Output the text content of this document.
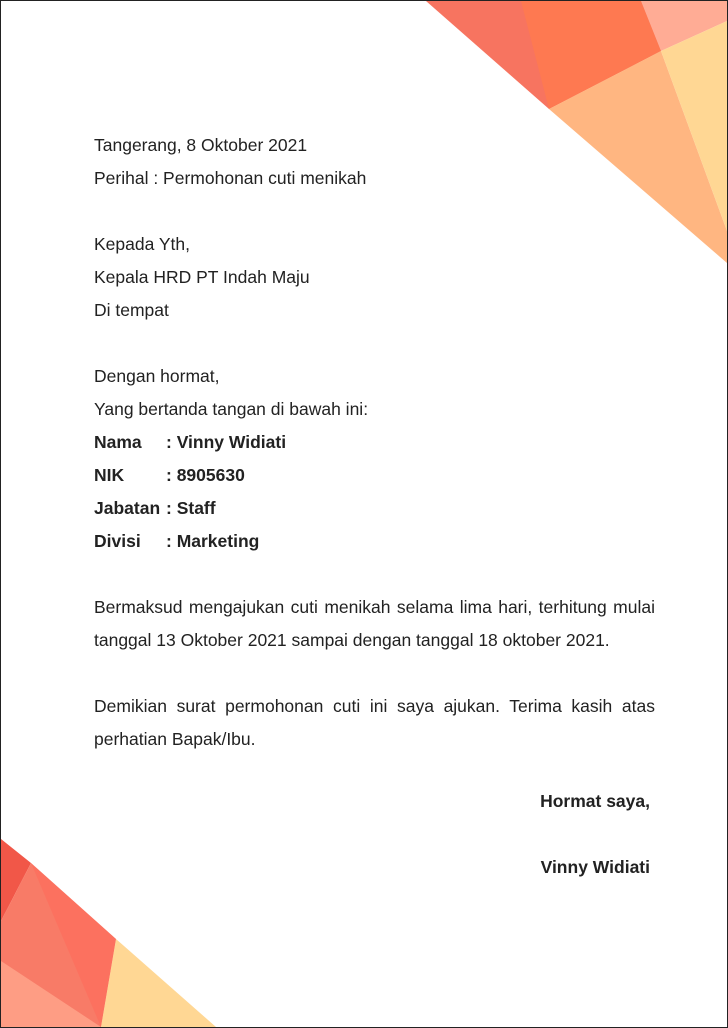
Tangerang, 8 Oktober 2021
Perihal : Permohonan cuti menikah
Kepada Yth,
Kepala HRD PT Indah Maju
Di tempat
Dengan hormat,
Yang bertanda tangan di bawah ini:
Nama	: Vinny Widiati
NIK	: 8905630
Jabatan : Staff
Divisi	: Marketing
Bermaksud mengajukan cuti menikah selama lima hari, terhitung mulai tanggal 13 Oktober 2021 sampai dengan tanggal 18 oktober 2021.
Demikian surat permohonan cuti ini saya ajukan. Terima kasih atas perhatian Bapak/Ibu.
Hormat saya,
Vinny Widiati
